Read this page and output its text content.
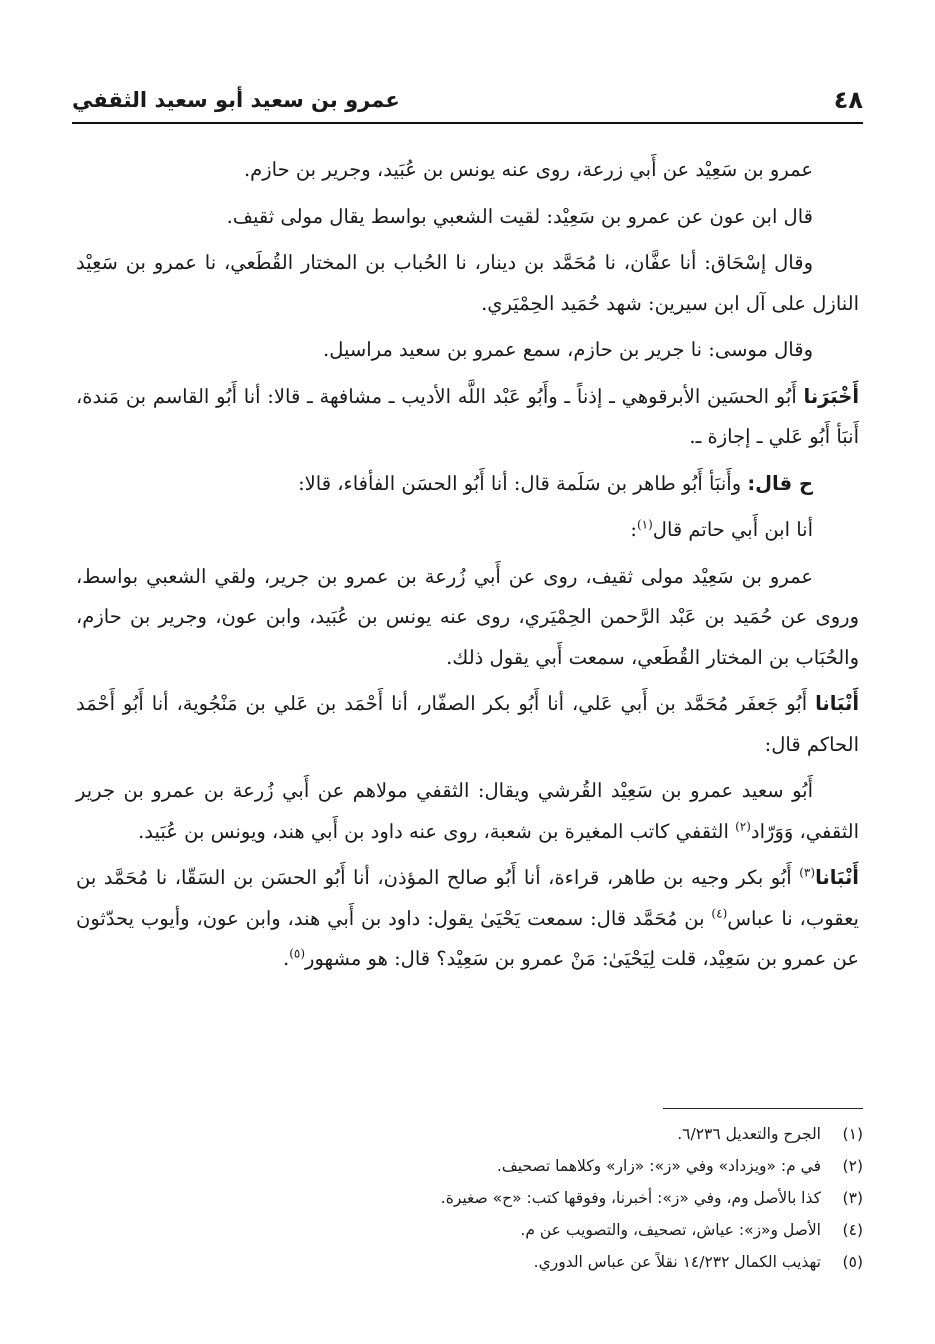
٤٨
عمرو بن سعيد أبو سعيد الثقفي

عمرو بن سَعِيْد عن أَبي زرعة، روى عنه يونس بن عُبَيد، وجرير بن حازم.

قال ابن عون عن عمرو بن سَعِيْد: لقيت الشعبي بواسط يقال مولى ثقيف.

وقال إسْحَاق: أنا عفَّان، نا مُحَمَّد بن دينار، نا الحُباب بن المختار القُطَعي، نا عمرو بن سَعِيْد النازل على آل ابن سيرين: شهد حُمَيد الحِمْيَري.

وقال موسى: نا جرير بن حازم، سمع عمرو بن سعيد مراسيل.

أَخْبَرَنا أَبُو الحسَين الأبرقوهي ـ إذناً ـ وأَبُو عَبْد اللَّه الأديب ـ مشافهة ـ قالا: أنا أَبُو القاسم بن مَندة، أَنبَأ أَبُو عَلي ـ إجازة ـ.

ح قال: وأَنبَأ أَبُو طاهر بن سَلَمة قال: أنا أَبُو الحسَن الفأفاء، قالا:

أنا ابن أَبي حاتم قال$^{(١)}$:

عمرو بن سَعِيْد مولى ثقيف، روى عن أَبي زُرعة بن عمرو بن جرير، ولقي الشعبي بواسط، وروى عن حُمَيد بن عَبْد الرَّحمن الحِمْيَري، روى عنه يونس بن عُبَيد، وابن عون، وجرير بن حازم، والحُبَاب بن المختار القُطَعي، سمعت أَبي يقول ذلك.

أَنْبَانا أَبُو جَعفَر مُحَمَّد بن أَبي عَلي، أنا أَبُو بكر الصفّار، أنا أَحْمَد بن عَلي بن مَنْجُوية، أنا أَبُو أَحْمَد الحاكم قال:

أَبُو سعيد عمرو بن سَعِيْد القُرشي ويقال: الثقفي مولاهم عن أَبي زُرعة بن عمرو بن جرير الثقفي، وَوَرّاد$^{(٢)}$ الثقفي كاتب المغيرة بن شعبة، روى عنه داود بن أَبي هند، ويونس بن عُبَيد.

أَنْبَانا$^{(٣)}$ أَبُو بكر وجيه بن طاهر، قراءة، أنا أَبُو صالح المؤذن، أنا أَبُو الحسَن بن السَقّا، نا مُحَمَّد بن يعقوب، نا عباس$^{(٤)}$ بن مُحَمَّد قال: سمعت يَحْيَىٰ يقول: داود بن أَبي هند، وابن عون، وأيوب يحدّثون عن عمرو بن سَعِيْد، قلت لِيَحْيَىٰ: مَنْ عمرو بن سَعِيْد؟ قال: هو مشهور$^{(٥)}$.

(١)
الجرح والتعديل ٦/٢٣٦.
(٢)
في م: «ويزداد» وفي «ز»: «زار» وكلاهما تصحيف.
(٣)
كذا بالأصل وم، وفي «ز»: أخبرنا، وفوقها كتب: «ح» صغيرة.
(٤)
الأصل و«ز»: عياش، تصحيف، والتصويب عن م.
(٥)
تهذيب الكمال ١٤/٢٣٢ نقلاً عن عباس الدوري.
